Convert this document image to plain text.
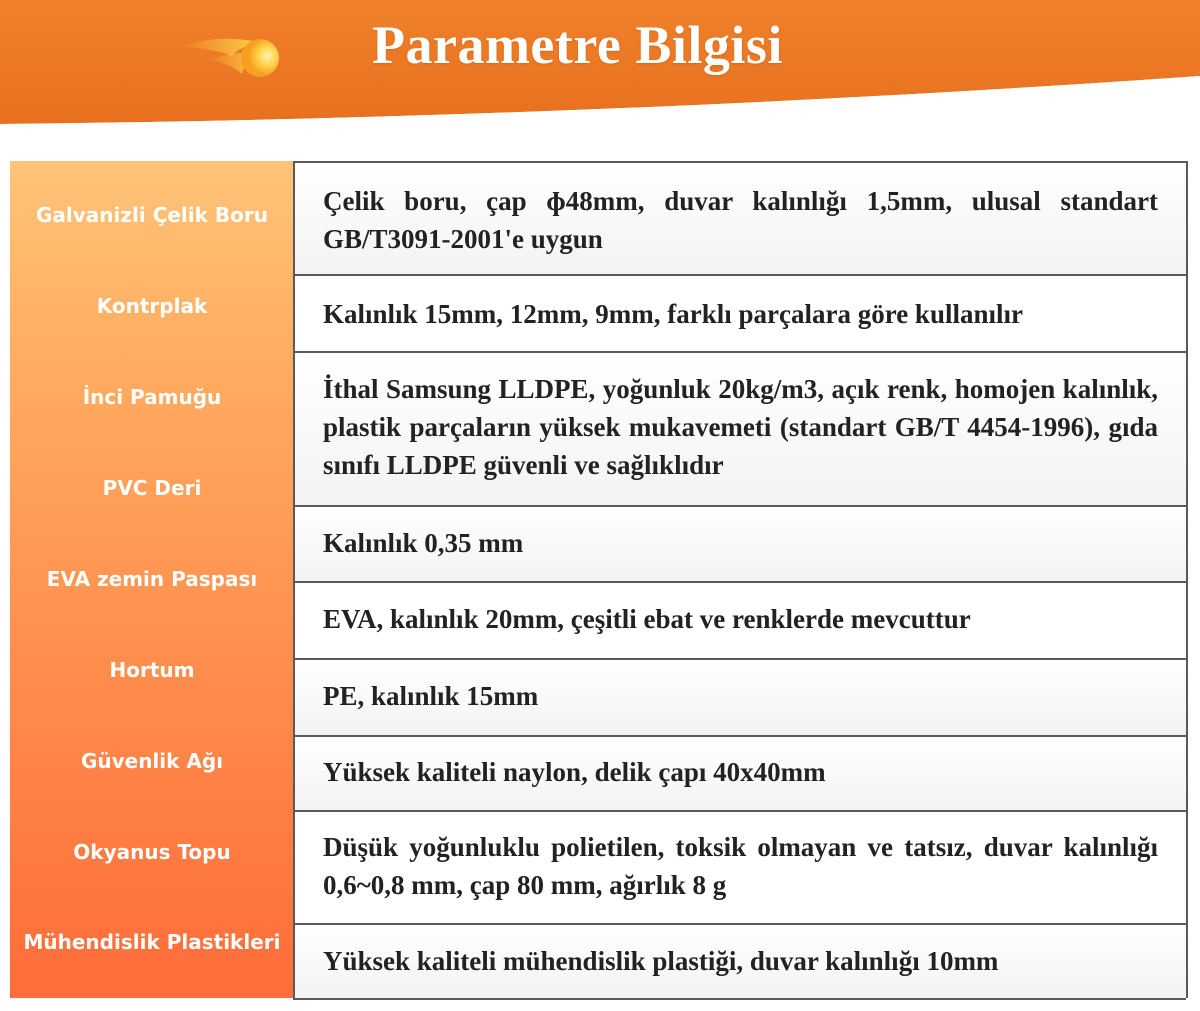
Parametre Bilgisi
Galvanizli Çelik Boru
Kontrplak
İnci Pamuğu
PVC Deri
EVA zemin Paspası
Hortum
Güvenlik Ağı
Okyanus Topu
Mühendislik Plastikleri
Çelik boru, çap ɸ48mm, duvar kalınlığı 1,5mm, ulusal standart GB/T3091-2001'e uygun
Kalınlık 15mm, 12mm, 9mm, farklı parçalara göre kullanılır
İthal Samsung LLDPE, yoğunluk 20kg/m3, açık renk, homojen kalınlık, plastik parçaların yüksek mukavemeti (standart GB/T 4454-1996), gıda sınıfı LLDPE güvenli ve sağlıklıdır
Kalınlık 0,35 mm
EVA, kalınlık 20mm, çeşitli ebat ve renklerde mevcuttur
PE, kalınlık 15mm
Yüksek kaliteli naylon, delik çapı 40x40mm
Düşük yoğunluklu polietilen, toksik olmayan ve tatsız, duvar kalınlığı 0,6~0,8 mm, çap 80 mm, ağırlık 8 g
Yüksek kaliteli mühendislik plastiği, duvar kalınlığı 10mm
